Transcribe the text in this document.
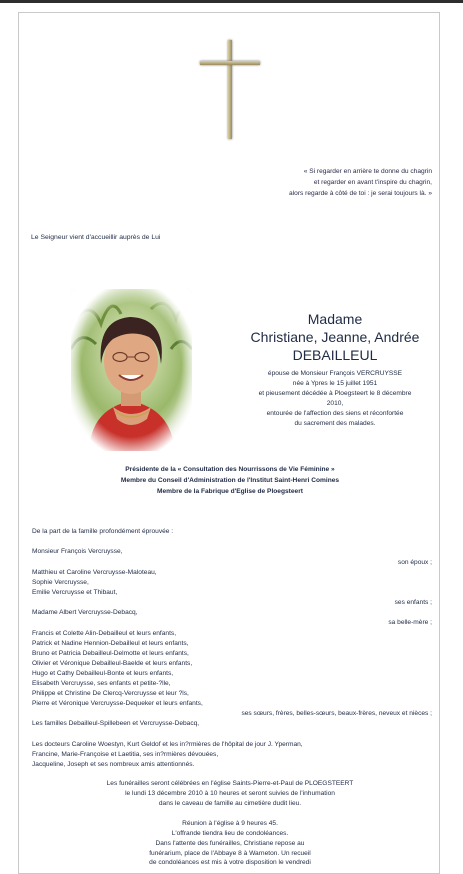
« Si regarder en arrière te donne du chagrin
et regarder en avant t'inspire du chagrin,
alors regarde à côté de toi : je serai toujours là. »
Le Seigneur vient d'accueillir auprès de Lui
Madame
Christiane, Jeanne, Andrée
DEBAILLEUL
épouse de Monsieur François VERCRUYSSE
née à Ypres le 15 juillet 1951
et pieusement décédée à Ploegsteert le 8 décembre
2010,
entourée de l'affection des siens et réconfortée
du sacrement des malades.
Présidente de la « Consultation des Nourrissons de Vie Féminine »
Membre du Conseil d'Administration de l'Institut Saint-Henri Comines
Membre de la Fabrique d'Eglise de Ploegsteert
De la part de la famille profondément éprouvée :
Monsieur François Vercruysse,
son époux ;
Matthieu et Caroline Vercruysse-Maloteau,
Sophie Vercruysse,
Emilie Vercruysse et Thibaut,
ses enfants ;
Madame Albert Vercruysse-Debacq,
sa belle-mère ;
Francis et Colette Alin-Debailleul et leurs enfants,
Patrick et Nadine Hennion-Debailleul et leurs enfants,
Bruno et Patricia Debailleul-Delmotte et leurs enfants,
Olivier et Véronique Debailleul-Baelde et leurs enfants,
Hugo et Cathy Debailleul-Bonte et leurs enfants,
Elisabeth Vercruysse, ses enfants et petite-?lle,
Philippe et Christine De Clercq-Vercruysse et leur ?ls,
Pierre et Véronique Vercruysse-Dequeker et leurs enfants,
ses sœurs, frères, belles-sœurs, beaux-frères, neveux et nièces ;
Les familles Debailleul-Spillebeen et Vercruysse-Debacq,
Les docteurs Caroline Woestyn, Kurt Geldof et les in?rmières de l'hôpital de jour J. Yperman,
Francine, Marie-Françoise et Laetitia, ses in?rmières dévouées,
Jacqueline, Joseph et ses nombreux amis attentionnés.
Les funérailles seront célébrées en l'église Saints-Pierre-et-Paul de PLOEGSTEERT
le lundi 13 décembre 2010 à 10 heures et seront suivies de l'inhumation
dans le caveau de famille au cimetière dudit lieu.
Réunion à l'église à 9 heures 45.
L'offrande tiendra lieu de condoléances.
Dans l'attente des funérailles, Christiane repose au
funérarium, place de l'Abbaye 8 à Warneton. Un recueil
de condoléances est mis à votre disposition le vendredi
